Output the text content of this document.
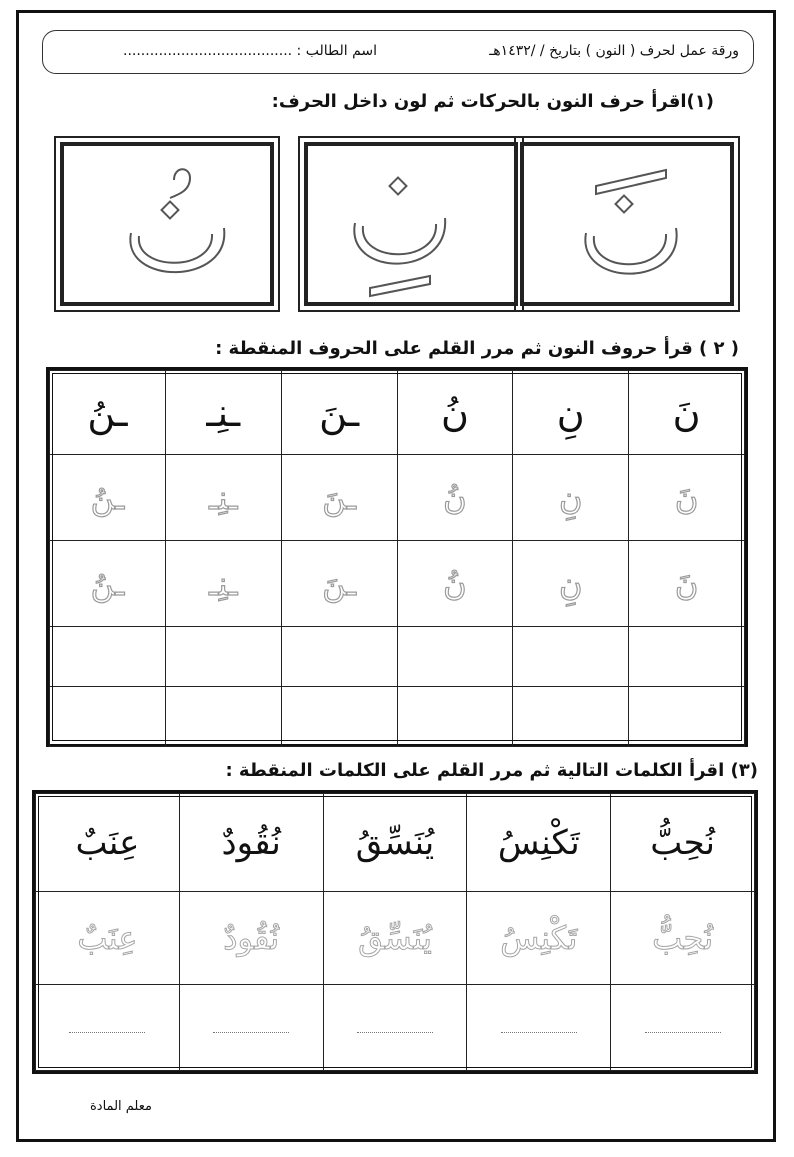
ورقة عمل لحرف ( النون ) بتاريخ / /١٤٣٢هـ
اسم الطالب : ......................................
(١)اقرأ حرف النون بالحركات ثم لون داخل الحرف:
( ٢ ) قرأ حروف النون ثم مرر القلم على الحروف المنقطة :
نَ	نِ	نُ	ـنَ	ـنِـ	ـنُ
نَ	نِ	نُ	ـنَ	ـنِـ	ـنُ
نَ	نِ	نُ	ـنَ	ـنِـ	ـنُ

(٣) اقرأ الكلمات التالية ثم مرر القلم على الكلمات المنقطة :
نُحِبُّ	تَكْنِسُ	يُنَسِّقُ	نُقُودٌ	عِنَبٌ
نُحِبُّ	تَكْنِسُ	يُنَسِّقُ	نُقُودٌ	عِنَبٌ

معلم المادة
